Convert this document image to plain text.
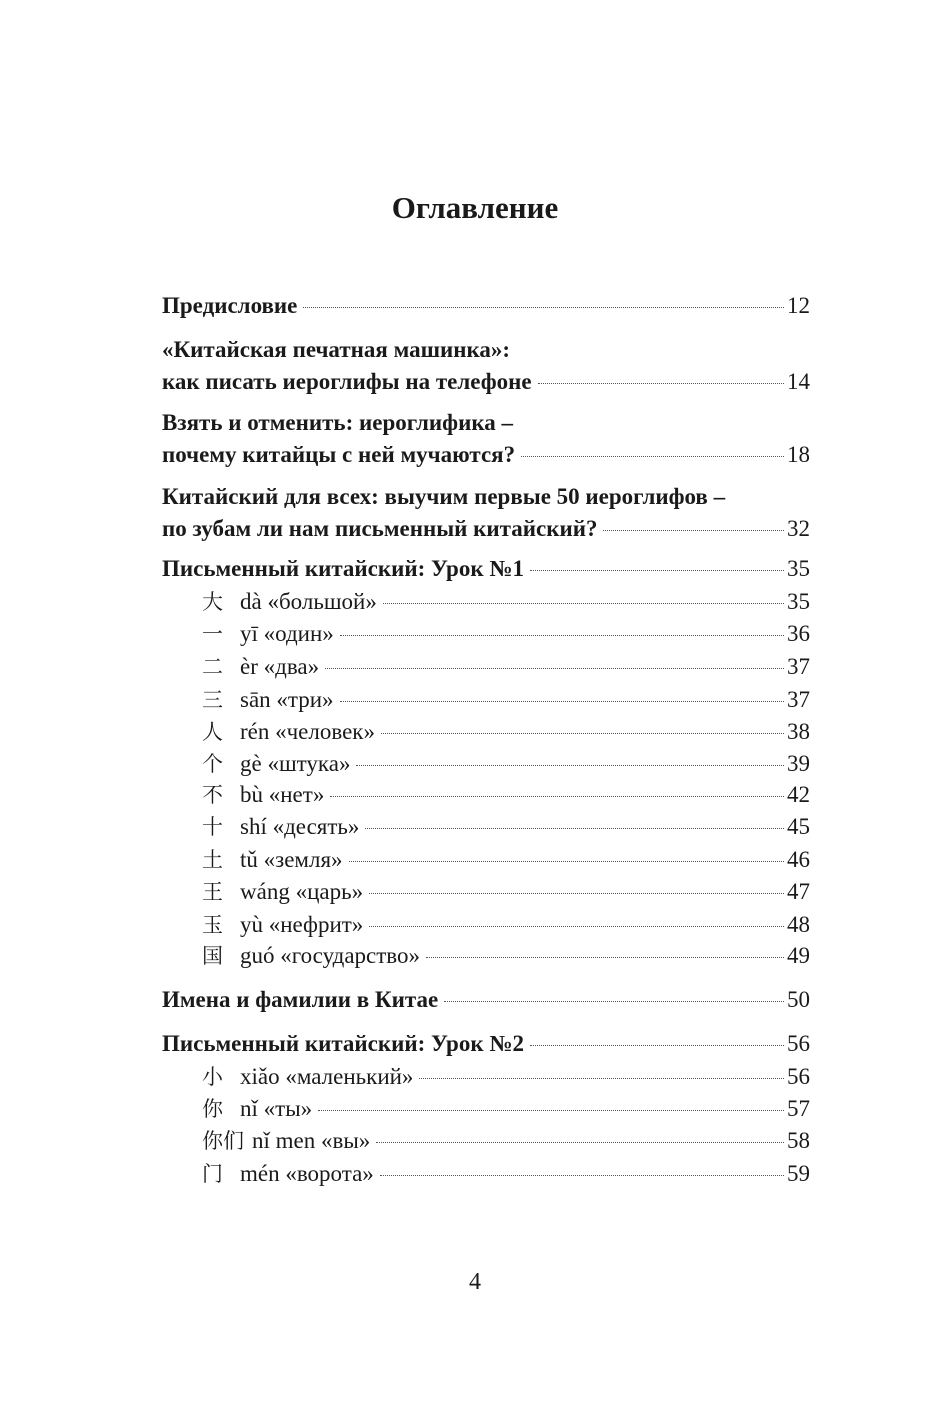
Оглавление
Предисловие	12
«Китайская печатная машинка»:
как писать иероглифы на телефоне	14
Взять и отменить: иероглифика –
почему китайцы с ней мучаются?	18
Китайский для всех: выучим первые 50 иероглифов –
по зубам ли нам письменный китайский?	32
Письменный китайский: Урок №1	35
大 dà «большой»	35
一 yī «один»	36
二 èr «два»	37
三 sān «три»	37
人 rén «человек»	38
个 gè «штука»	39
不 bù «нет»	42
十 shí «десять»	45
土 tǔ «земля»	46
王 wáng «царь»	47
玉 yù «нефрит»	48
国 guó «государство»	49
Имена и фамилии в Китае	50
Письменный китайский: Урок №2	56
小 xiǎo «маленький»	56
你 nǐ «ты»	57
你们 nǐ men «вы»	58
门 mén «ворота»	59
4
